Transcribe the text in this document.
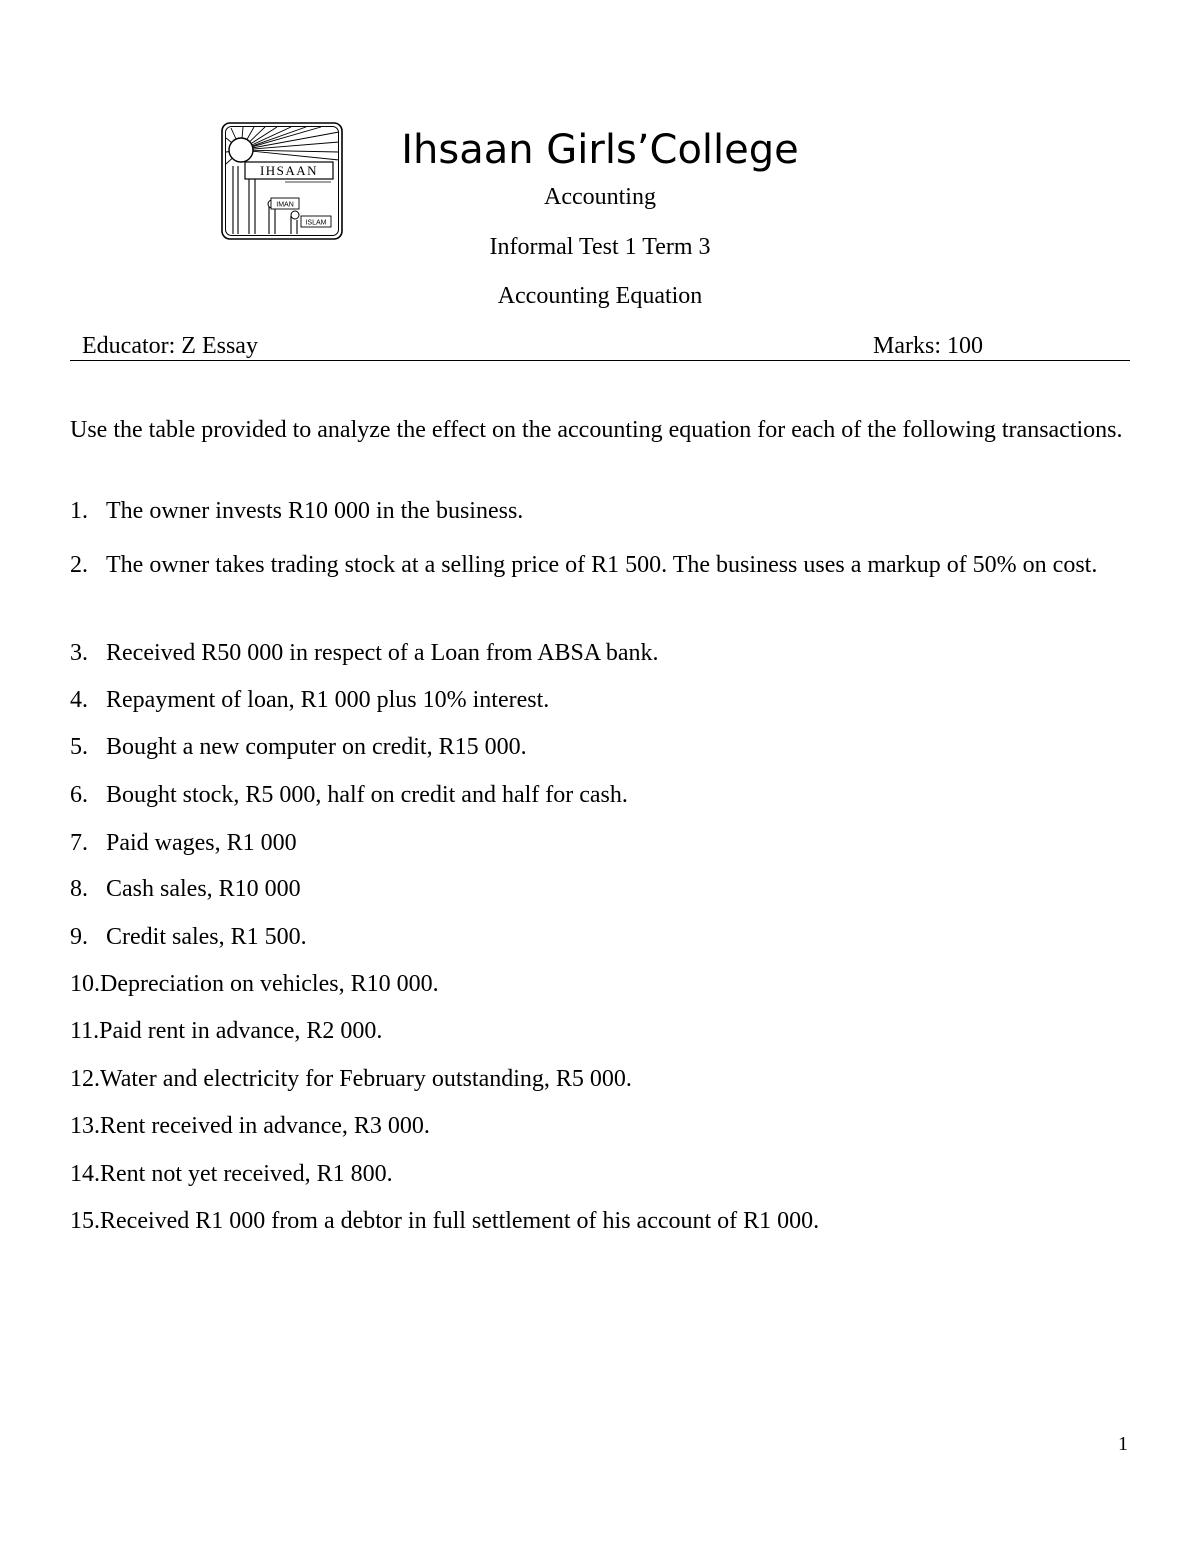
IHSAAN
IMAN
ISLAM
Ihsaan Girls’College
Accounting
Informal Test 1 Term 3
Accounting Equation
Educator: Z Essay	Marks: 100
Use the table provided to analyze the effect on the accounting equation for each of the following transactions.
1. The owner invests R10 000 in the business.
2. The owner takes trading stock at a selling price of R1 500. The business uses a markup of 50% on cost.
3. Received R50 000 in respect of a Loan from ABSA bank.
4. Repayment of loan, R1 000 plus 10% interest.
5. Bought a new computer on credit, R15 000.
6. Bought stock, R5 000, half on credit and half for cash.
7. Paid wages, R1 000
8. Cash sales, R10 000
9. Credit sales, R1 500.
10.Depreciation on vehicles, R10 000.
11.Paid rent in advance, R2 000.
12.Water and electricity for February outstanding, R5 000.
13.Rent received in advance, R3 000.
14.Rent not yet received, R1 800.
15.Received R1 000 from a debtor in full settlement of his account of R1 000.
1
